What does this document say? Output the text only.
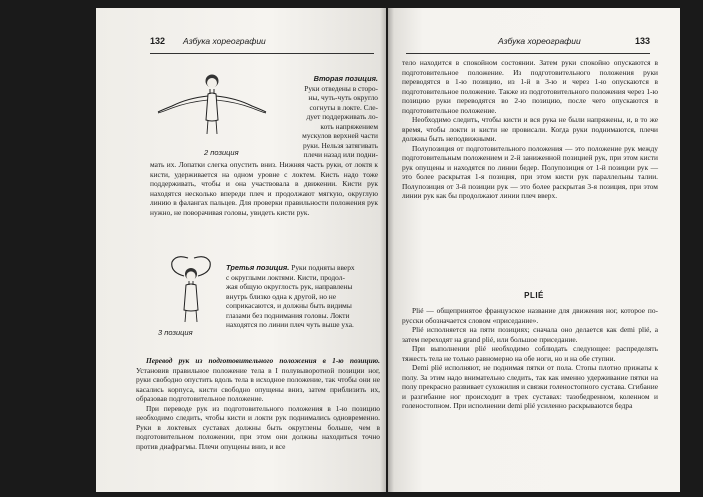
132 Азбука хореографии
2 позиция
Вторая позиция.
Руки отведены в сторо-
ны, чуть-чуть округло
согнуты в локте. Сле-
дует поддерживать ло-
коть напряжением
мускулов верхней части
руки. Нельзя затягивать
плечи назад или подни-

мать их. Лопатки слегка опустить вниз. Нижняя часть руки, от локтя к кисти, удерживается на одном уровне с локтем. Кисть надо тоже поддерживать, чтобы и она участвовала в движении. Кисти рук находятся несколько впереди плеч и продолжают мягкую, округлую линию в фалангах пальцев. Для проверки правильности положения рук нужно, не поворачивая головы, увидеть кисти рук.

3 позиция
Третья позиция. Руки подняты вверх
с округлыми локтями. Кисти, продол-
жая общую округлость рук, направлены
внутрь близко одна к другой, но не
соприкасаются, и должны быть видимы
глазами без поднимания головы. Локти
находятся по линии плеч чуть выше уха.

Перевод рук из подготовительного положения в 1-ю позицию. Установив правильное положение тела в I полувыворотной позиции ног, руки свободно опустить вдоль тела в исходное положение, так чтобы они не касались корпуса, кисти свободно опущены вниз, затем приблизить их, образовав подготовительное положение.

При переводе рук из подготовительного положения в 1-ю позицию необходимо следить, чтобы кисти и локти рук поднимались одновременно. Руки в локтевых суставах должны быть округлены больше, чем в подготовительном положении, при этом они должны находиться точно против диафрагмы. Плечи опущены вниз, и все

Азбука хореографии	133

тело находится в спокойном состоянии. Затем руки спокойно опускаются в подготовительное положение. Из подготовительного положения руки переводятся в 1-ю позицию, из 1-й в 3-ю и через 1-ю опускаются в подготовительное положение. Также из подготовительного положения через 1-ю позицию руки переводятся во 2-ю позицию, после чего опускаются в подготовительное положение.

Необходимо следить, чтобы кисти и вся рука не были напряжены, и, в то же время, чтобы локти и кисти не провисали. Когда руки поднимаются, плечи должны быть неподвижными.

Полупозиция от подготовительного положения — это положение рук между подготовительным положением и 2-й заниженной позицией рук, при этом кисти рук опущены и находятся по линии бедер. Полупозиция от 1-й позиции рук — это более раскрытая 1-я позиция, при этом кисти рук параллельны талии. Полупозиция от 3-й позиции рук — это более раскрытая 3-я позиция, при этом линии рук как бы продолжают линии плеч вверх.

PLIÉ

Plié — общепринятое французское название для движения ног, которое по-русски обозначается словом «приседание».

Plié исполняется на пяти позициях; сначала оно делается как demi plié, а затем переходят на grand plié, или большое приседание.

При выполнении plié необходимо соблюдать следующее: распределять тяжесть тела не только равномерно на обе ноги, но и на обе ступни.

Demi plié исполняют, не поднимая пятки от пола. Стопы плотно прижаты к полу. За этим надо внимательно следить, так как именно удерживание пятки на полу прекрасно развивает сухожилия и связки голеностопного сустава. Сгибание и разгибание ног происходит в трех суставах: тазобедренном, коленном и голеностопном. При исполнении demi plié усиленно раскрываются бедра
